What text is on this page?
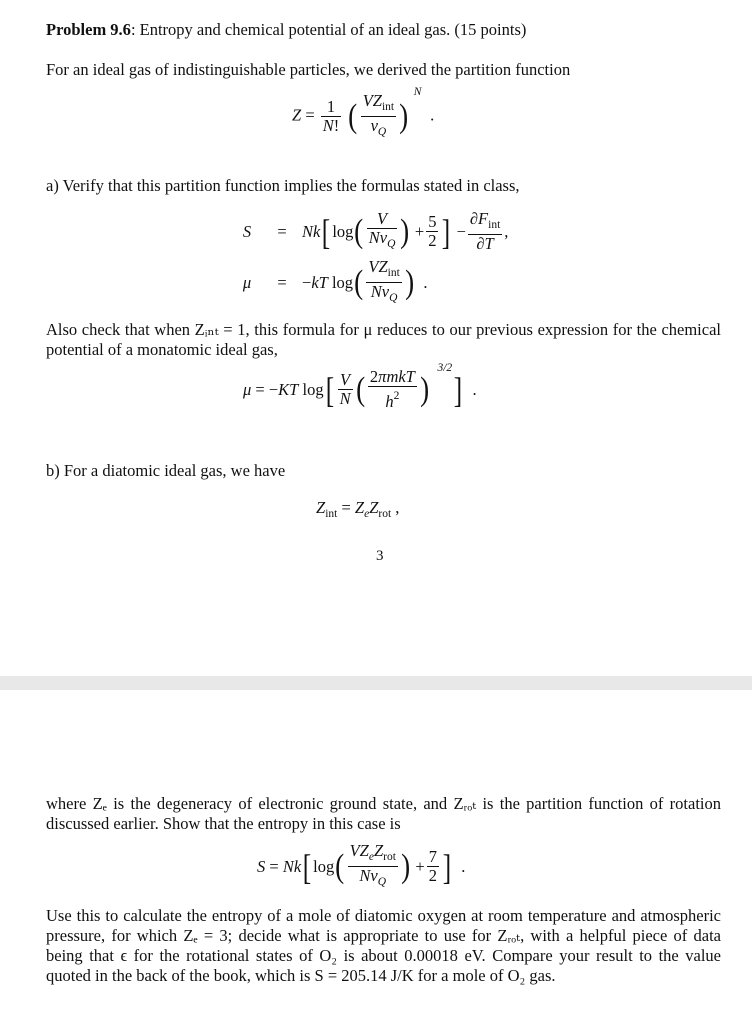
Problem 9.6: Entropy and chemical potential of an ideal gas. (15 points)
For an ideal gas of indistinguishable particles, we derived the partition function
$Z = \frac{1}{N!}$ ( $\frac{VZ_{int}}{v_Q}$ )
N
.
a) Verify that this partition function implies the formulas stated in class,
S	= Nk [ log ( $\frac{V}{Nv_Q}$ ) + $\frac{5}{2}$ ] − $\frac{\partial F_{int}}{\partial T}$ ,
μ	= −kT log ( $\frac{VZ_{int}}{Nv_Q}$ ) .
Also check that when Zᵢₙₜ = 1, this formula for μ reduces to our previous expression for the chemical potential of a monatomic ideal gas,
μ = −KT log [ $\frac{V}{N}$ ( $\frac{\text{2πmkT}}{h^2}$ )
3/2
] .
b) For a diatomic ideal gas, we have
$Z_{int} = Z_eZ_{rot}$ ,
3
where Zₑ is the degeneracy of electronic ground state, and Zᵣₒₜ is the partition function of rotation discussed earlier. Show that the entropy in this case is
S = Nk [ log ( $\frac{VZ_eZ_{rot}}{Nv_Q}$ ) + $\frac{7}{2}$ ] .
Use this to calculate the entropy of a mole of diatomic oxygen at room temperature and atmospheric pressure, for which Zₑ = 3; decide what is appropriate to use for Zᵣₒₜ, with a helpful piece of data being that ϵ for the rotational states of O₂ is about 0.00018 eV. Compare your result to the value quoted in the back of the book, which is S = 205.14 J/K for a mole of O₂ gas.
